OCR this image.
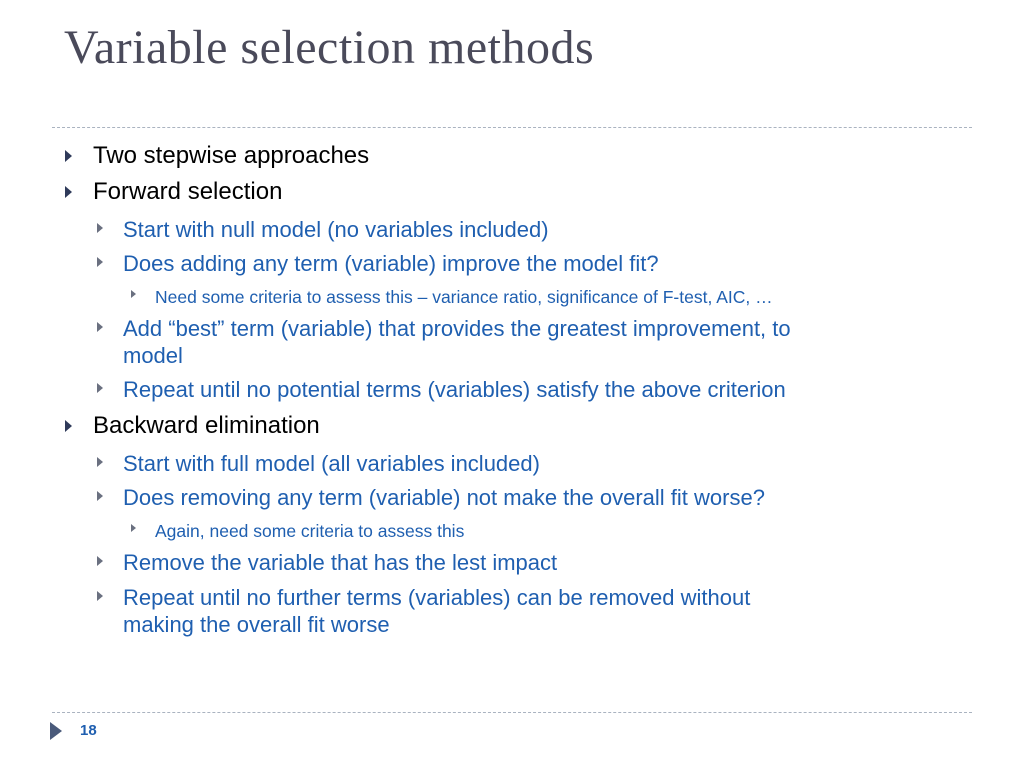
Variable selection methods
Two stepwise approaches
Forward selection
Start with null model (no variables included)
Does adding any term (variable) improve the model fit?
Need some criteria to assess this – variance ratio, significance of F-test, AIC, …
Add “best” term (variable) that provides the greatest improvement, to
model
Repeat until no potential terms (variables) satisfy the above criterion
Backward elimination
Start with full model (all variables included)
Does removing any term (variable) not make the overall fit worse?
Again, need some criteria to assess this
Remove the variable that has the lest impact
Repeat until no further terms (variables) can be removed without
making the overall fit worse
18
